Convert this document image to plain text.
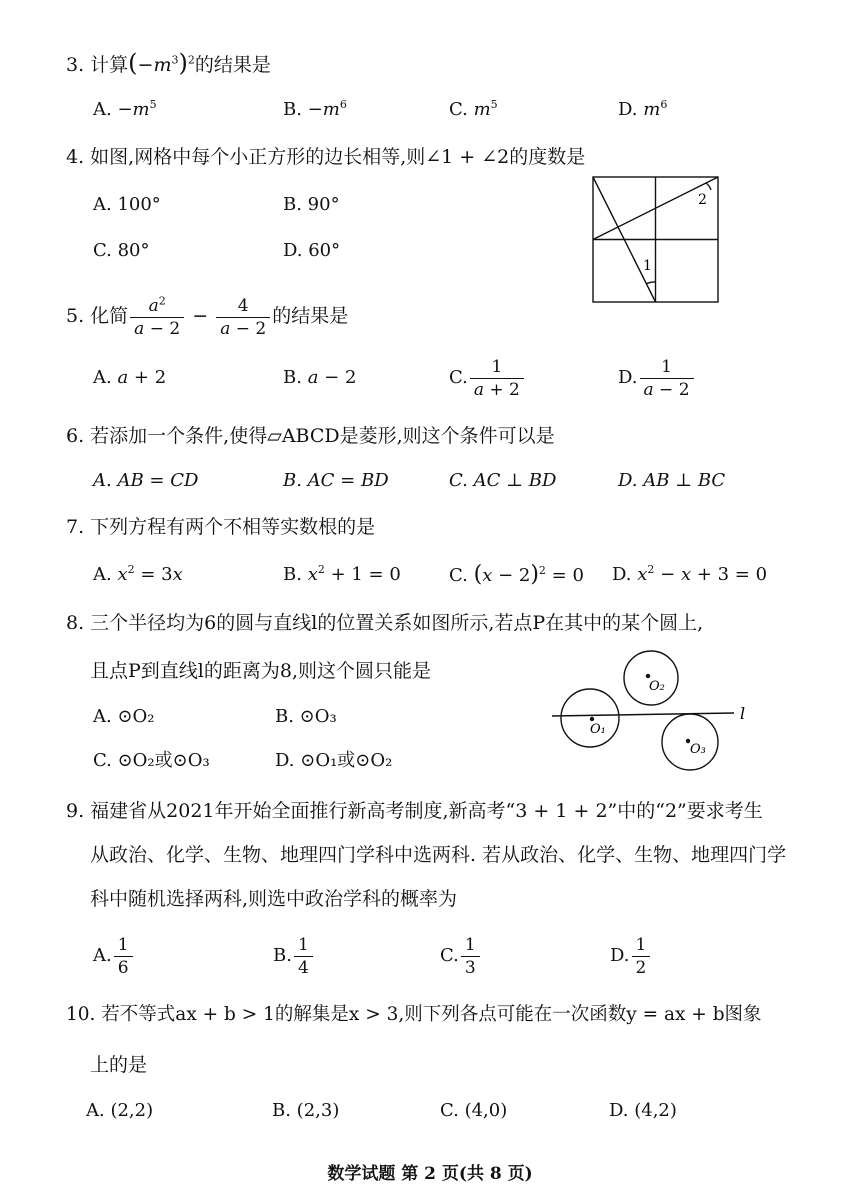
3. 计算$(-m^3)^2$的结果是
A. $-m^5$	B. $-m^6$	C. $m^5$	D. $m^6$
4. 如图,网格中每个小正方形的边长相等,则∠1 + ∠2的度数是
A. 100°	B. 90°
C. 80°	D. 60°
1
2
5. 化简 $\frac{a^2}{a - 2} - \frac{4}{a - 2}$ 的结果是
A. a + 2	B. a − 2	C. $\frac{1}{a + 2}$	D. $\frac{1}{a - 2}$
6. 若添加一个条件,使得▱ABCD是菱形,则这个条件可以是
A. AB = CD	B. AC = BD	C. AC ⊥ BD	D. AB ⊥ BC
7. 下列方程有两个不相等实数根的是
A. $x^2 = 3x$	B. $x^2 + 1 = 0$	C. $(x - 2)^2 = 0$ D. $x^2 - x + 3 = 0$
8. 三个半径均为6的圆与直线l的位置关系如图所示,若点P在其中的某个圆上,
且点P到直线l的距离为8,则这个圆只能是
A. ⊙O₂	B. ⊙O₃
C. ⊙O₂或⊙O₃	D. ⊙O₁或⊙O₂
O₁
O₂
O₃
l
9. 福建省从2021年开始全面推行新高考制度,新高考“3 + 1 + 2”中的“2”要求考生
从政治、化学、生物、地理四门学科中选两科. 若从政治、化学、生物、地理四门学
科中随机选择两科,则选中政治学科的概率为
A. $\frac{1}{6}$	B. $\frac{1}{4}$	C. $\frac{1}{3}$	D. $\frac{1}{2}$
10. 若不等式ax + b > 1的解集是x > 3,则下列各点可能在一次函数y = ax + b图象
上的是
A. (2,2)	B. (2,3)	C. (4,0)	D. (4,2)
数学试题 第 2 页(共 8 页)
